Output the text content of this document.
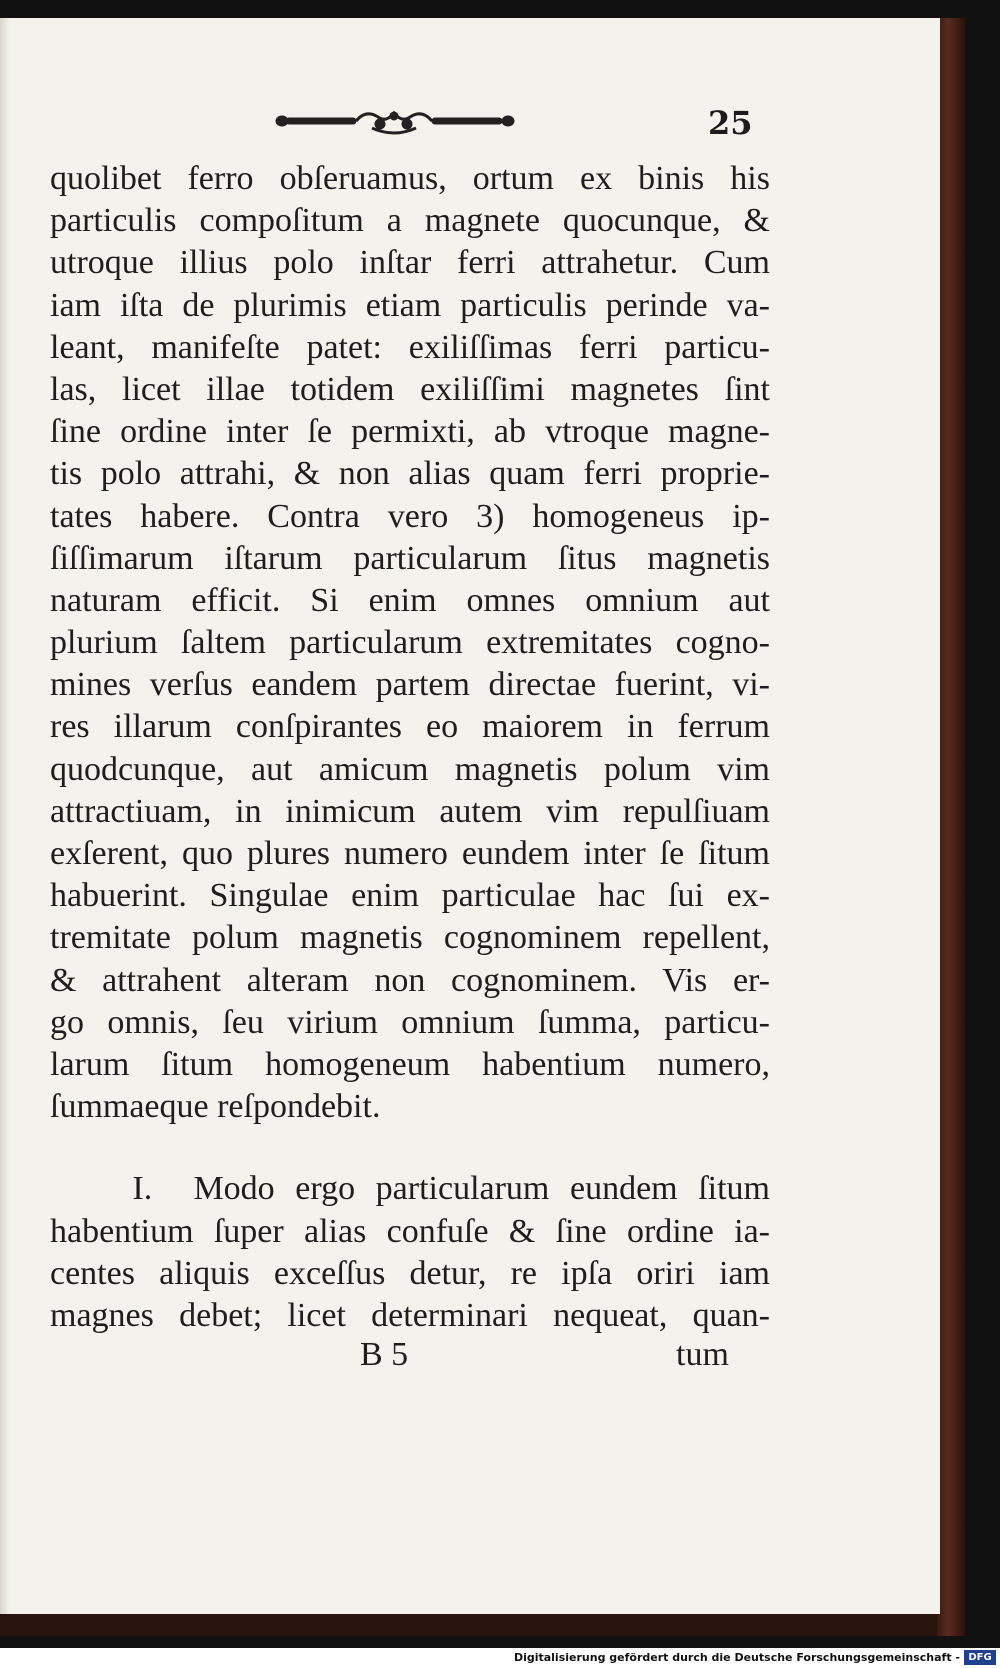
25
quolibet ferro obſeruamus, ortum ex binis his
particulis compoſitum a magnete quocunque, &
utroque illius polo inſtar ferri attrahetur. Cum
iam iſta de plurimis etiam particulis perinde va-
leant, manifeſte patet: exiliſſimas ferri particu-
las, licet illae totidem exiliſſimi magnetes ſint
ſine ordine inter ſe permixti, ab vtroque magne-
tis polo attrahi, & non alias quam ferri proprie-
tates habere. Contra vero 3) homogeneus ip-
ſiſſimarum iſtarum particularum ſitus magnetis
naturam efficit. Si enim omnes omnium aut
plurium ſaltem particularum extremitates cogno-
mines verſus eandem partem directae fuerint, vi-
res illarum conſpirantes eo maiorem in ferrum
quodcunque, aut amicum magnetis polum vim
attractiuam, in inimicum autem vim repulſiuam
exſerent, quo plures numero eundem inter ſe ſitum
habuerint. Singulae enim particulae hac ſui ex-
tremitate polum magnetis cognominem repellent,
& attrahent alteram non cognominem. Vis er-
go omnis, ſeu virium omnium ſumma, particu-
larum ſitum homogeneum habentium numero,
ſummaeque reſpondebit.
I.  Modo ergo particularum eundem ſitum
habentium ſuper alias confuſe & ſine ordine ia-
centes aliquis exceſſus detur, re ipſa oriri iam
magnes debet; licet determinari nequeat, quan-
B 5	tum
Digitalisierung gefördert durch die Deutsche Forschungsgemeinschaft - DFG
